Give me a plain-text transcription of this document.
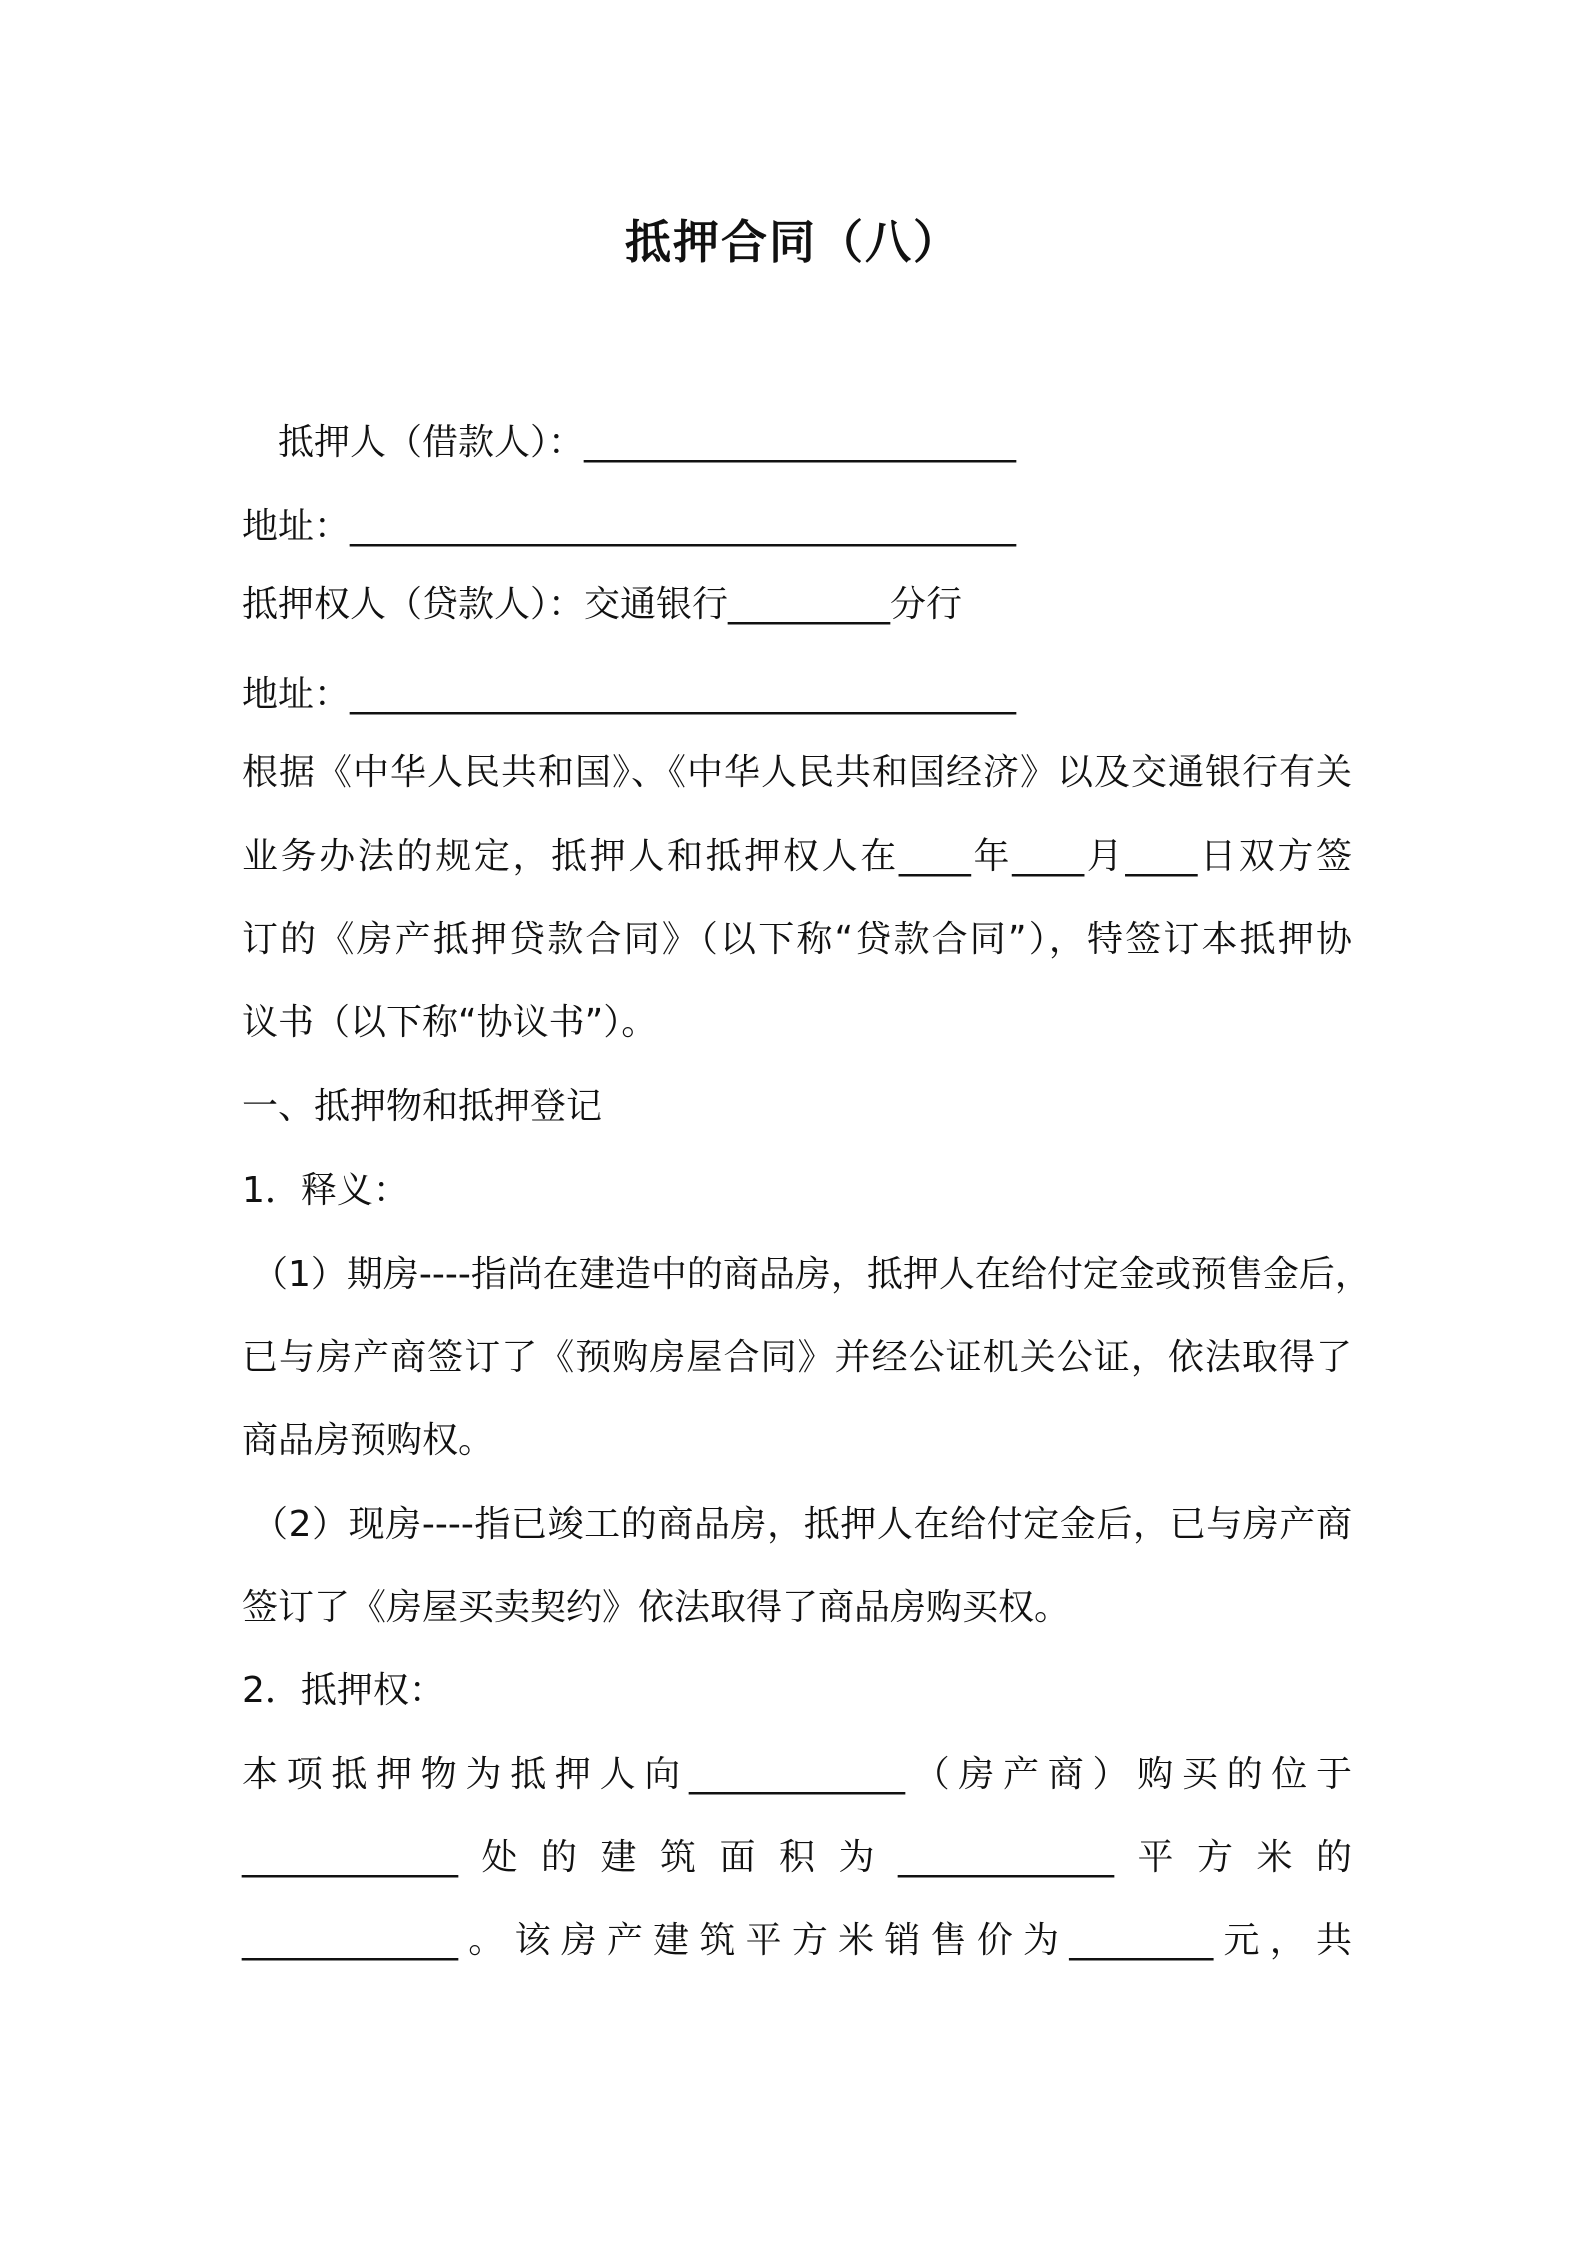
抵押合同（八）
抵押人（借款人）：________________________
地址：_____________________________________
抵押权人（贷款人）：交通银行_________分行
地址：_____________________________________
根据《中华人民共和国》、《中华人民共和国经济》以及交通银行有关
业务办法的规定，抵押人和抵押权人在____年____月____日双方签
订的《房产抵押贷款合同》（以下称“贷款合同”），特签订本抵押协
议书（以下称“协议书”）。
一、抵押物和抵押登记
1．释义：
（1）期房----指尚在建造中的商品房，抵押人在给付定金或预售金后，
已与房产商签订了《预购房屋合同》并经公证机关公证，依法取得了
商品房预购权。
（2）现房----指已竣工的商品房，抵押人在给付定金后，已与房产商
签订了《房屋买卖契约》依法取得了商品房购买权。
2．抵押权：
本项抵押物为抵押人向____________（房产商）购买的位于
____________处的建筑面积为____________平方米的
____________。该房产建筑平方米销售价为________元，共
